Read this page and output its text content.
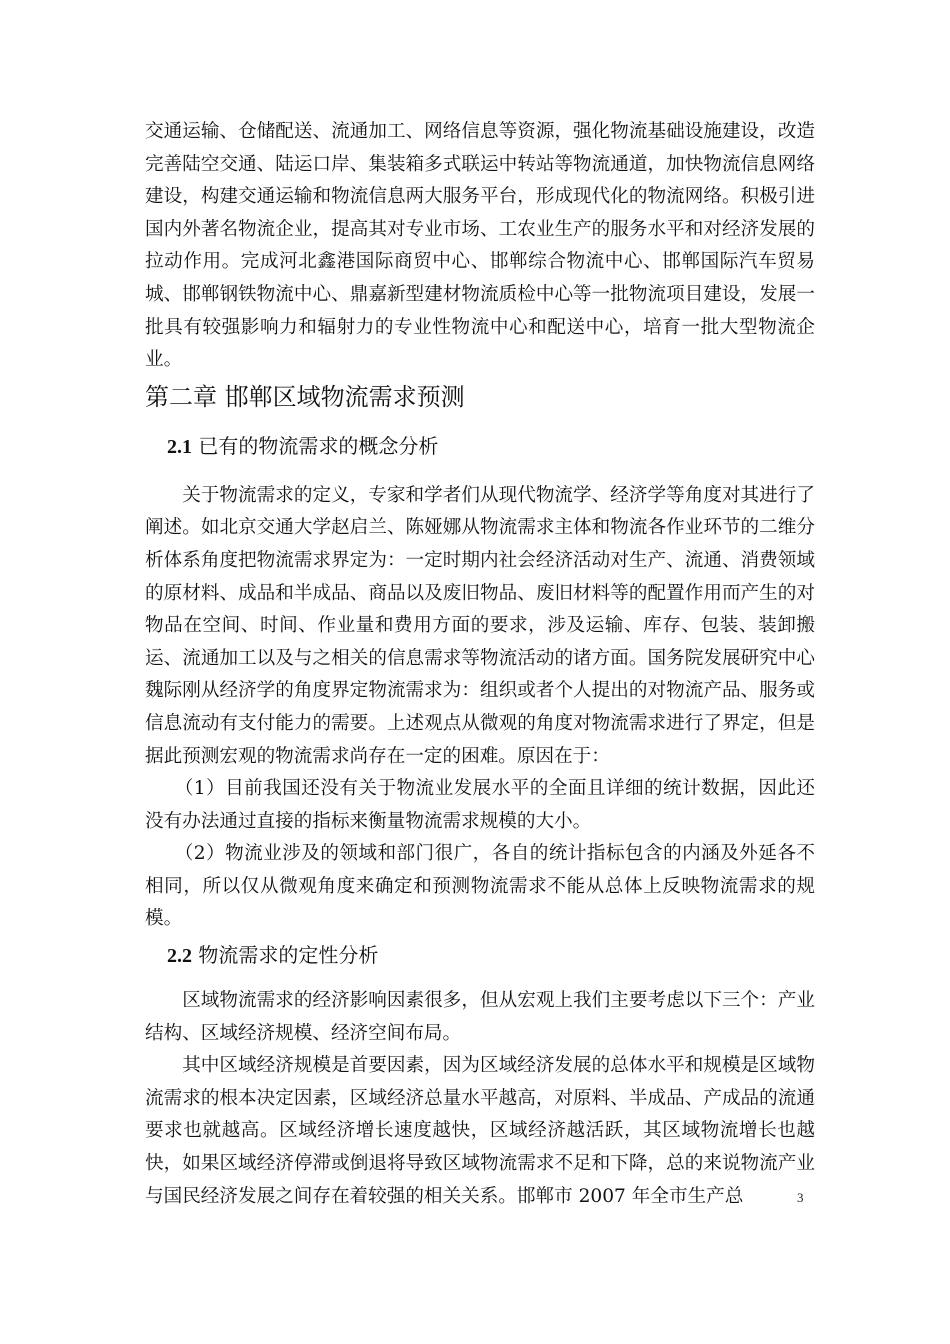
交通运输、仓储配送、流通加工、网络信息等资源，强化物流基础设施建设，改造完善陆空交通、陆运口岸、集装箱多式联运中转站等物流通道，加快物流信息网络建设，构建交通运输和物流信息两大服务平台，形成现代化的物流网络。积极引进国内外著名物流企业，提高其对专业市场、工农业生产的服务水平和对经济发展的拉动作用。完成河北鑫港国际商贸中心、邯郸综合物流中心、邯郸国际汽车贸易城、邯郸钢铁物流中心、鼎嘉新型建材物流质检中心等一批物流项目建设，发展一批具有较强影响力和辐射力的专业性物流中心和配送中心，培育一批大型物流企业。

第二章 邯郸区域物流需求预测
2.1 已有的物流需求的概念分析

关于物流需求的定义，专家和学者们从现代物流学、经济学等角度对其进行了阐述。如北京交通大学赵启兰、陈娅娜从物流需求主体和物流各作业环节的二维分析体系角度把物流需求界定为：一定时期内社会经济活动对生产、流通、消费领域的原材料、成品和半成品、商品以及废旧物品、废旧材料等的配置作用而产生的对物品在空间、时间、作业量和费用方面的要求，涉及运输、库存、包装、装卸搬运、流通加工以及与之相关的信息需求等物流活动的诸方面。国务院发展研究中心魏际刚从经济学的角度界定物流需求为：组织或者个人提出的对物流产品、服务或信息流动有支付能力的需要。上述观点从微观的角度对物流需求进行了界定，但是据此预测宏观的物流需求尚存在一定的困难。原因在于：

（1）目前我国还没有关于物流业发展水平的全面且详细的统计数据，因此还没有办法通过直接的指标来衡量物流需求规模的大小。

（2）物流业涉及的领域和部门很广，各自的统计指标包含的内涵及外延各不相同，所以仅从微观角度来确定和预测物流需求不能从总体上反映物流需求的规模。

2.2 物流需求的定性分析

区域物流需求的经济影响因素很多，但从宏观上我们主要考虑以下三个：产业结构、区域经济规模、经济空间布局。

其中区域经济规模是首要因素，因为区域经济发展的总体水平和规模是区域物流需求的根本决定因素，区域经济总量水平越高，对原料、半成品、产成品的流通要求也就越高。区域经济增长速度越快，区域经济越活跃，其区域物流增长也越快，如果区域经济停滞或倒退将导致区域物流需求不足和下降，总的来说物流产业与国民经济发展之间存在着较强的相关关系。邯郸市 2007 年全市生产总	3
